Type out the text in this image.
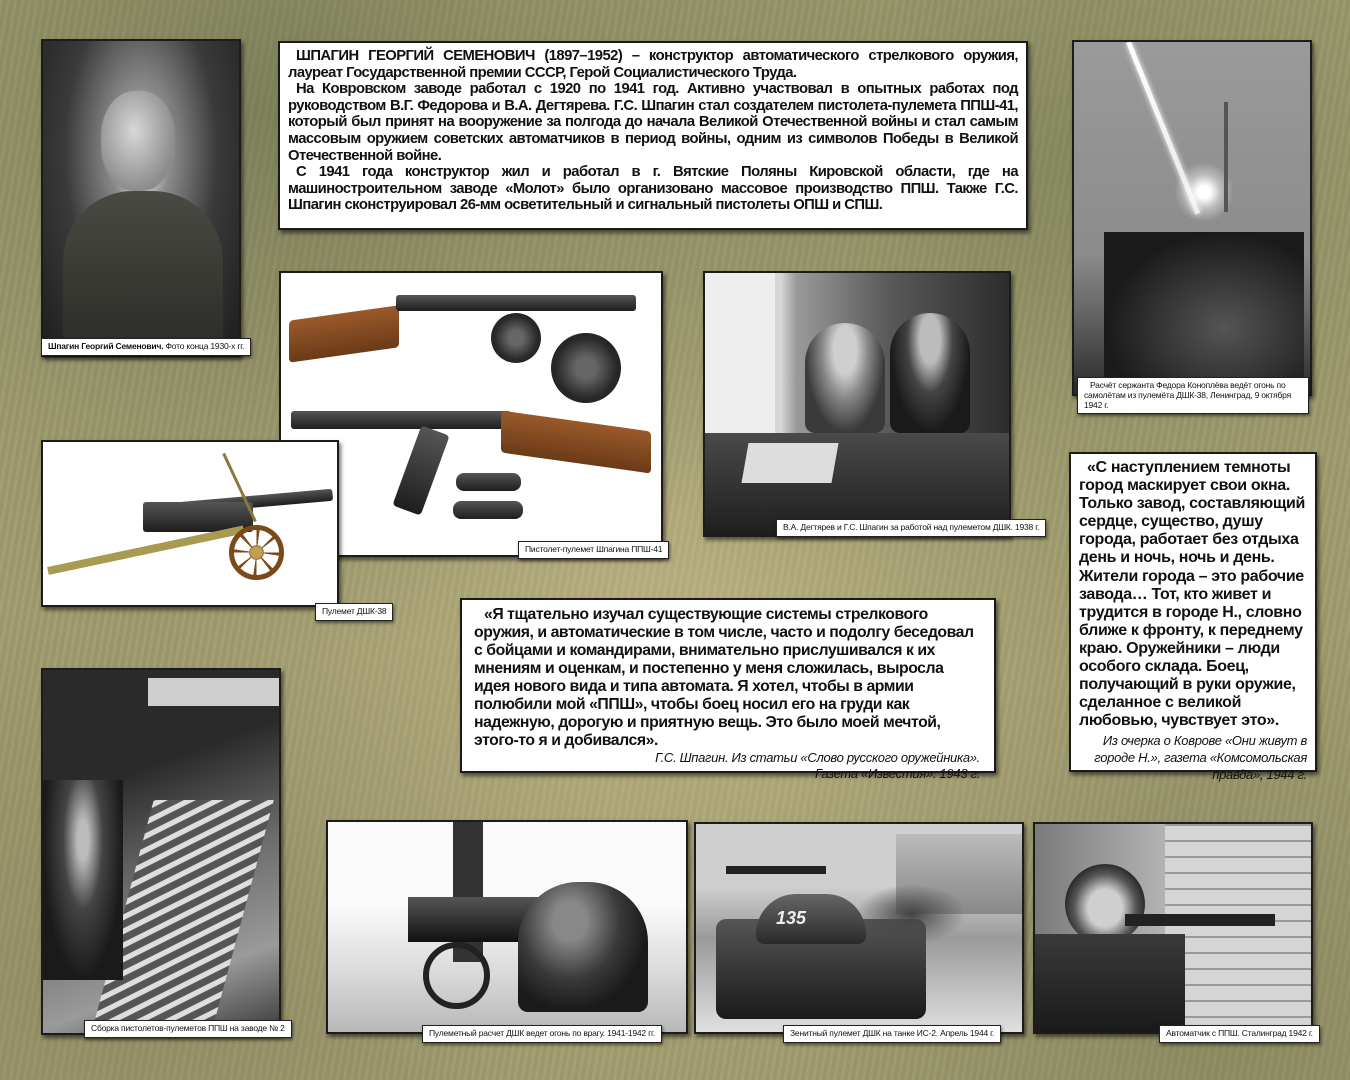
Шпагин Георгий Семенович. Фото конца 1930-х гг.

ШПАГИН ГЕОРГИЙ СЕМЕНОВИЧ (1897–1952) – конструктор автоматического стрелкового оружия, лауреат Государственной премии СССР, Герой Социалистического Труда.

На Ковровском заводе работал с 1920 по 1941 год. Активно участвовал в опытных работах под руководством В.Г. Федорова и В.А. Дегтярева. Г.С. Шпагин стал создателем пистолета-пулемета ППШ-41, который был принят на вооружение за полгода до начала Великой Отечественной войны и стал самым массовым оружием советских автоматчиков в период войны, одним из символов Победы в Великой Отечественной войне.

С 1941 года конструктор жил и работал в г. Вятские Поляны Кировской области, где на машиностроительном заводе «Молот» было организовано массовое производство ППШ. Также Г.С. Шпагин сконструировал 26-мм осветительный и сигнальный пистолеты ОПШ и СПШ.

Расчёт сержанта Федора Коноплёва ведёт огонь по самолётам из пулемёта ДШК-38, Ленинград, 9 октября 1942 г.
Пистолет-пулемет Шпагина ППШ-41
В.А. Дегтярев и Г.С. Шпагин за работой над пулеметом ДШК. 1938 г.
Пулемет ДШК-38	«Я тщательно изучал существующие системы стрелкового оружия, и автоматические в том числе, часто и подолгу беседовал с бойцами и командирами, внимательно прислушивался к их мнениям и оценкам, и постепенно у меня сложилась, выросла идея нового вида и типа автомата. Я хотел, чтобы в армии полюбили мой «ППШ», чтобы боец носил его на груди как надежную, дорогую и приятную вещь. Это было моей мечтой, этого-то я и добивался».

Г.С. Шпагин. Из статьи «Слово русского оружейника».
Газета «Известия». 1943 г.

«С наступлением темноты город маскирует свои окна. Только завод, составляющий сердце, существо, душу города, работает без отдыха день и ночь, ночь и день. Жители города – это рабочие завода… Тот, кто живет и трудится в городе Н., словно ближе к фронту, к переднему краю. Оружейники – люди особого склада. Боец, получающий в руки оружие, сделанное с великой любовью, чувствует это».

Из очерка о Коврове «Они живут в городе Н.», газета «Комсомольская правда», 1944 г.
Сборка пистолетов-пулеметов ППШ на заводе № 2	Пулеметный расчет ДШК ведет огонь по врагу. 1941-1942 гг.
135
Зенитный пулемет ДШК на танке ИС-2. Апрель 1944 г.	Автоматчик с ППШ. Сталинград 1942 г.
